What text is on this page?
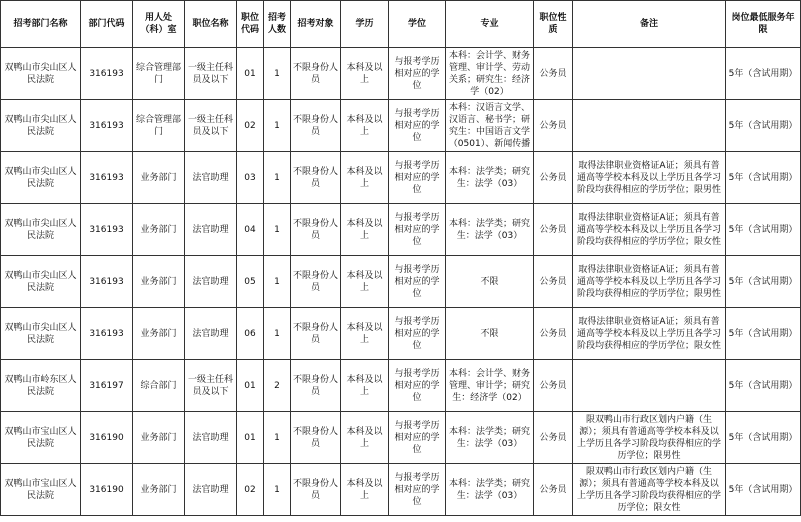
招考部门名称	部门代码	用人处（科）室	职位名称	职位代码	招考人数	招考对象	学历	学位	专业	职位性质	备注	岗位最低服务年限
双鸭山市尖山区人民法院	316193	综合管理部门	一级主任科员及以下	01	1	不限身份人员	本科及以上	与报考学历相对应的学位	本科：会计学、财务管理、审计学、劳动关系；研究生：经济学（02）	公务员		5年（含试用期）
双鸭山市尖山区人民法院	316193	综合管理部门	一级主任科员及以下	02	1	不限身份人员	本科及以上	与报考学历相对应的学位	本科：汉语言文学、汉语言、秘书学；研究生：中国语言文学（0501）、新闻传播	公务员		5年（含试用期）
双鸭山市尖山区人民法院	316193	业务部门	法官助理	03	1	不限身份人员	本科及以上	与报考学历相对应的学位	本科：法学类；研究生：法学（03）	公务员	取得法律职业资格证A证；须具有普通高等学校本科及以上学历且各学习阶段均获得相应的学历学位；限男性	5年（含试用期）
双鸭山市尖山区人民法院	316193	业务部门	法官助理	04	1	不限身份人员	本科及以上	与报考学历相对应的学位	本科：法学类；研究生：法学（03）	公务员	取得法律职业资格证A证；须具有普通高等学校本科及以上学历且各学习阶段均获得相应的学历学位；限女性	5年（含试用期）
双鸭山市尖山区人民法院	316193	业务部门	法官助理	05	1	不限身份人员	本科及以上	与报考学历相对应的学位	不限	公务员	取得法律职业资格证A证；须具有普通高等学校本科及以上学历且各学习阶段均获得相应的学历学位；限男性	5年（含试用期）
双鸭山市尖山区人民法院	316193	业务部门	法官助理	06	1	不限身份人员	本科及以上	与报考学历相对应的学位	不限	公务员	取得法律职业资格证A证；须具有普通高等学校本科及以上学历且各学习阶段均获得相应的学历学位；限女性	5年（含试用期）
双鸭山市岭东区人民法院	316197	综合部门	一级主任科员及以下	01	2	不限身份人员	本科及以上	与报考学历相对应的学位	本科：会计学、财务管理、审计学；研究生：经济学（02）	公务员		5年（含试用期）
双鸭山市宝山区人民法院	316190	业务部门	法官助理	01	1	不限身份人员	本科及以上	与报考学历相对应的学位	本科：法学类；研究生：法学（03）	公务员	限双鸭山市行政区划内户籍（生源）；须具有普通高等学校本科及以上学历且各学习阶段均获得相应的学历学位；限男性	5年（含试用期）
双鸭山市宝山区人民法院	316190	业务部门	法官助理	02	1	不限身份人员	本科及以上	与报考学历相对应的学位	本科：法学类；研究生：法学（03）	公务员	限双鸭山市行政区划内户籍（生源）；须具有普通高等学校本科及以上学历且各学习阶段均获得相应的学历学位；限女性	5年（含试用期）
